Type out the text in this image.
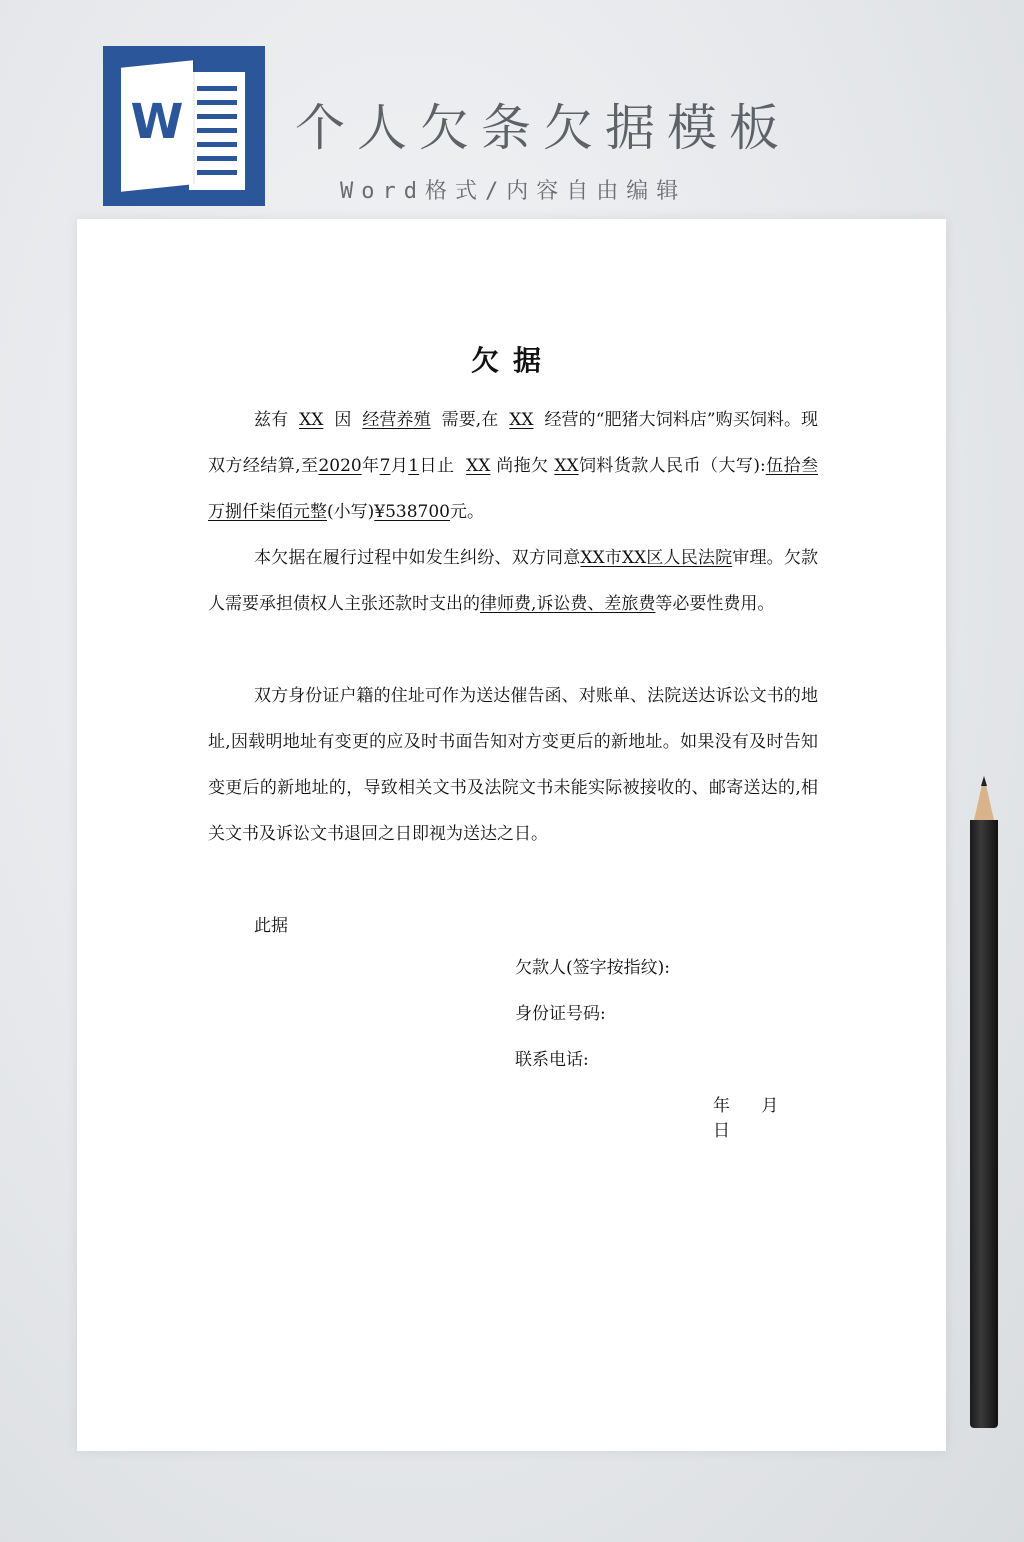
W 个人欠条欠据模板
Word格式/内容自由编辑
欠据
兹有 XX 因 经营养殖 需要,在 XX 经营的“肥猪大饲料店”购买饲料。现双方经结算,至2020年7月1日止 XX 尚拖欠 XX饲料货款人民币（大写):伍拾叁万捌仟柒佰元整(小写)¥538700元。
本欠据在履行过程中如发生纠纷、双方同意XX市XX区人民法院审理。欠款人需要承担债权人主张还款时支出的律师费,诉讼费、差旅费等必要性费用。
双方身份证户籍的住址可作为送达催告函、对账单、法院送达诉讼文书的地址,因载明地址有变更的应及时书面告知对方变更后的新地址。如果没有及时告知变更后的新地址的，导致相关文书及法院文书未能实际被接收的、邮寄送达的,相关文书及诉讼文书退回之日即视为送达之日。
此据
欠款人(签字按指纹):
身份证号码:
联系电话:
年 月 日
